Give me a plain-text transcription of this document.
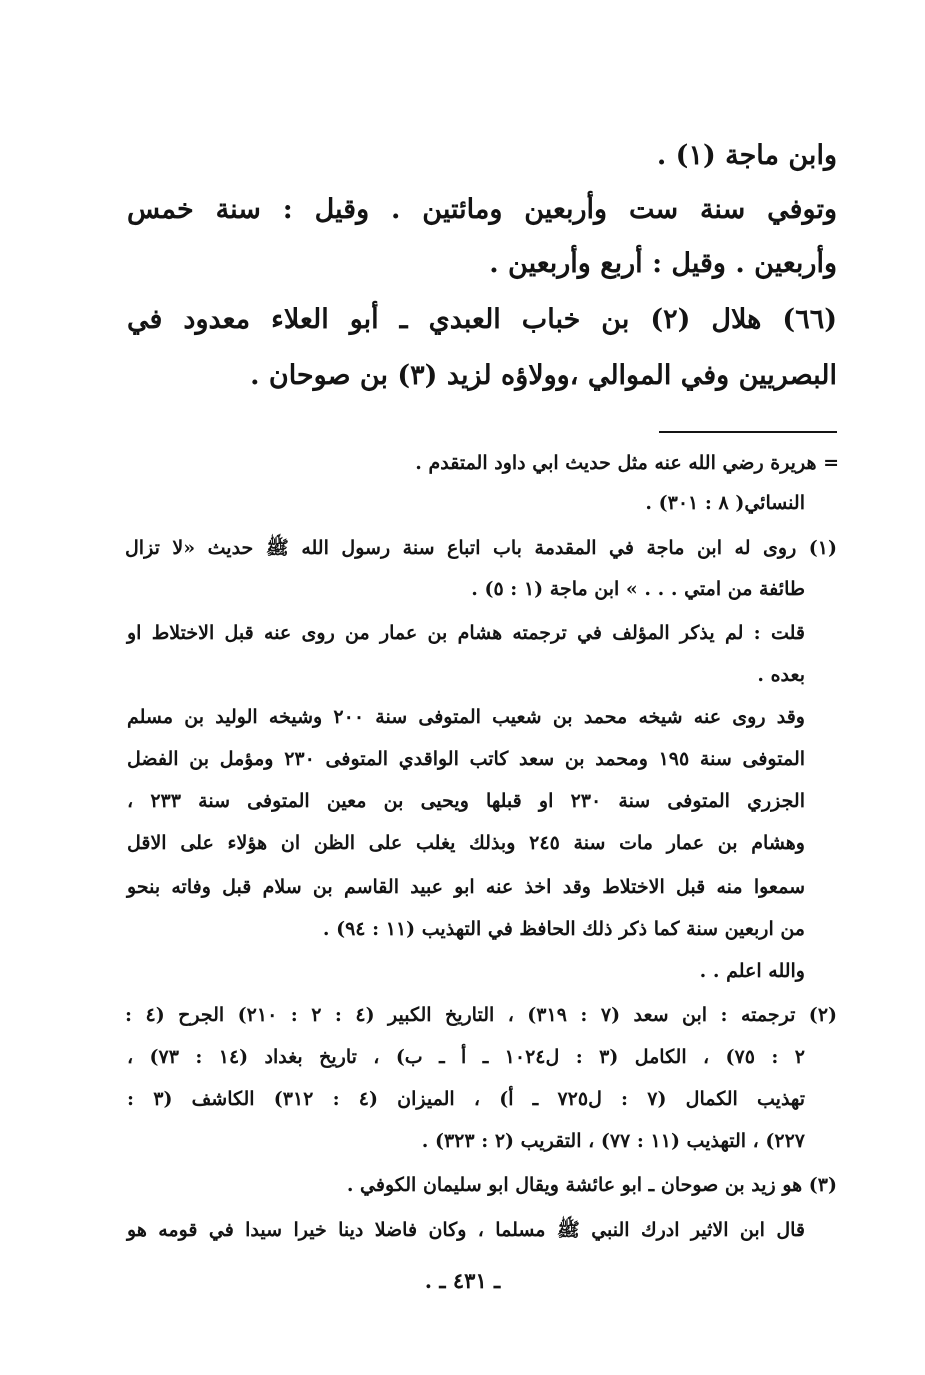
وابن ماجة (١) .
وتوفي سنة ست وأربعين ومائتين . وقيل : سنة خمس
وأربعين . وقيل : أربع وأربعين .
(٦٦) هلال (٢) بن خباب العبدي ـ أبو العلاء معدود في
البصريين وفي الموالي ،وولاؤه لزيد (٣) بن صوحان .
= هريرة رضي الله عنه مثل حديث ابي داود المتقدم .
النسائي( ٨ : ٣٠١) .
(١) روى له ابن ماجة في المقدمة باب اتباع سنة رسول الله ﷺ حديث «لا تزال
طائفة من امتي . . . » ابن ماجة (١ : ٥) .
قلت : لم يذكر المؤلف في ترجمته هشام بن عمار من روى عنه قبل الاختلاط او
بعده .
وقد روى عنه شيخه محمد بن شعيب المتوفى سنة ٢٠٠ وشيخه الوليد بن مسلم
المتوفى سنة ١٩٥ ومحمد بن سعد كاتب الواقدي المتوفى ٢٣٠ ومؤمل بن الفضل
الجزري المتوفى سنة ٢٣٠ او قبلها ويحيى بن معين المتوفى سنة ٢٣٣ ،
وهشام بن عمار مات سنة ٢٤٥ وبذلك يغلب على الظن ان هؤلاء على الاقل
سمعوا منه قبل الاختلاط وقد اخذ عنه ابو عبيد القاسم بن سلام قبل وفاته بنحو
من اربعين سنة كما ذكر ذلك الحافظ في التهذيب (١١ : ٩٤) .
والله اعلم . .
(٢) ترجمته : ابن سعد (٧ : ٣١٩) ، التاريخ الكبير (٤ : ٢ : ٢١٠) الجرح (٤ :
٢ : ٧٥) ، الكامل (٣ : ل١٠٢٤ ـ أ ـ ب) ، تاريخ بغداد (١٤ : ٧٣) ،
تهذيب الكمال (٧ : ل٧٢٥ ـ أ) ، الميزان (٤ : ٣١٢) الكاشف (٣ :
٢٢٧) ، التهذيب (١١ : ٧٧) ، التقريب (٢ : ٣٢٣) .
(٣) هو زيد بن صوحان ـ ابو عائشة ويقال ابو سليمان الكوفي .
قال ابن الاثير ادرك النبي ﷺ مسلما ، وكان فاضلا دينا خيرا سيدا في قومه هو
ـ ٤٣١ ـ .
